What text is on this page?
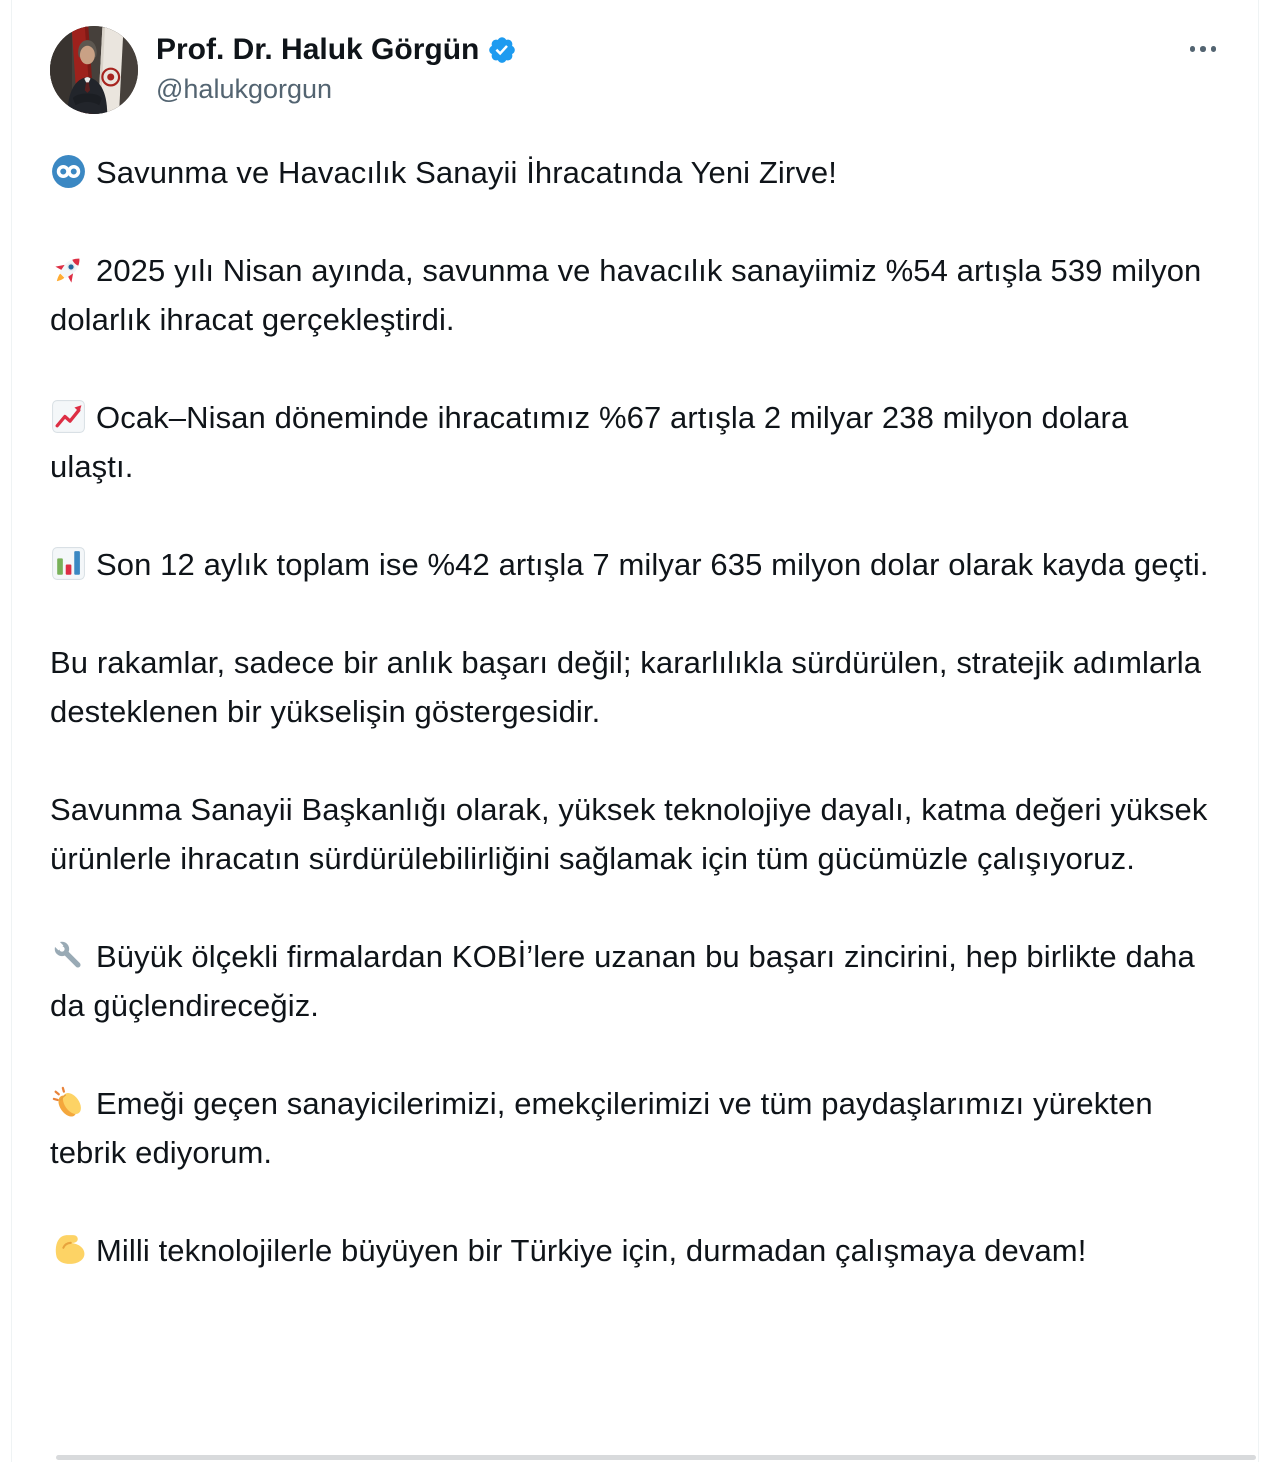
Prof. Dr. Haluk Görgün
@halukgorgun

Savunma ve Havacılık Sanayii İhracatında Yeni Zirve!

2025 yılı Nisan ayında, savunma ve havacılık sanayiimiz %54 artışla 539 milyon dolarlık ihracat gerçekleştirdi.

Ocak–Nisan döneminde ihracatımız %67 artışla 2 milyar 238 milyon dolara ulaştı.

Son 12 aylık toplam ise %42 artışla 7 milyar 635 milyon dolar olarak kayda geçti.

Bu rakamlar, sadece bir anlık başarı değil; kararlılıkla sürdürülen, stratejik adımlarla desteklenen bir yükselişin göstergesidir.

Savunma Sanayii Başkanlığı olarak, yüksek teknolojiye dayalı, katma değeri yüksek ürünlerle ihracatın sürdürülebilirliğini sağlamak için tüm gücümüzle çalışıyoruz.

Büyük ölçekli firmalardan KOBİ’lere uzanan bu başarı zincirini, hep birlikte daha da güçlendireceğiz.

Emeği geçen sanayicilerimizi, emekçilerimizi ve tüm paydaşlarımızı yürekten tebrik ediyorum.

Milli teknolojilerle büyüyen bir Türkiye için, durmadan çalışmaya devam!
